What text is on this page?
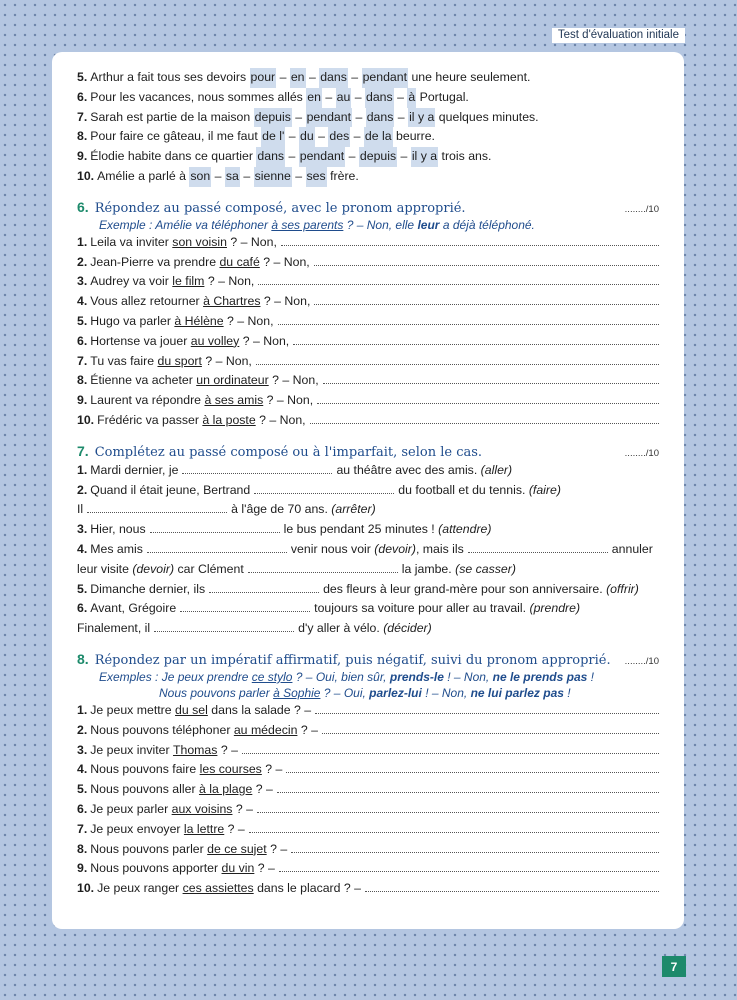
Test d'évaluation initiale
5. Arthur a fait tous ses devoirs
pour – en – dans – pendant
une heure seulement.
6. Pour les vacances, nous sommes allés
en – au – dans – à
Portugal.
7. Sarah est partie de la maison
depuis – pendant – dans – il y a
quelques minutes.
8. Pour faire ce gâteau, il me faut
de l' – du – des – de la
beurre.
9. Élodie habite dans ce quartier
dans – pendant – depuis – il y a
trois ans.
10. Amélie a parlé à
son – sa – sienne – ses
frère.
6. Répondez au passé composé, avec le pronom approprié.	......../10
Exemple : Amélie va téléphoner à ses parents ? – Non, elle leur a déjà téléphoné.
1. Leila va inviter
son voisin
? – Non,
2. Jean-Pierre va prendre
du café
? – Non,
3. Audrey va voir
le film
? – Non,
4. Vous allez retourner
à Chartres
? – Non,
5. Hugo va parler
à Hélène
? – Non,
6. Hortense va jouer
au volley
? – Non,
7. Tu vas faire
du sport
? – Non,
8. Étienne va acheter
un ordinateur
? – Non,
9. Laurent va répondre
à ses amis
? – Non,
10. Frédéric va passer
à la poste
? – Non,
7. Complétez au passé composé ou à l'imparfait, selon le cas.	......../10
1. Mardi dernier, je	au théâtre avec des amis.
(aller)
2. Quand il était jeune, Bertrand	du football et du tennis.
(faire)
Il	à l'âge de 70 ans.
(arrêter)
3. Hier, nous	le bus pendant 25 minutes !
(attendre)
4. Mes amis	venir nous voir
(devoir) , mais ils	annuler
leur visite
(devoir)
car Clément	la jambe.
(se casser)
5. Dimanche dernier, ils	des fleurs à leur grand-mère pour son anniversaire.
(offrir)
6. Avant, Grégoire	toujours sa voiture pour aller au travail.
(prendre)
Finalement, il	d'y aller à vélo.
(décider)
8. Répondez par un impératif affirmatif, puis négatif, suivi du pronom approprié. ......../10
Exemples : Je peux prendre ce stylo ? – Oui, bien sûr, prends-le ! – Non, ne le prends pas !
Nous pouvons parler à Sophie ? – Oui, parlez-lui ! – Non, ne lui parlez pas !
1. Je peux mettre
du sel
dans la salade ? –
2. Nous pouvons téléphoner
au médecin
? –
3. Je peux inviter
Thomas
? –
4. Nous pouvons faire
les courses
? –
5. Nous pouvons aller
à la plage
? –
6. Je peux parler
aux voisins
? –
7. Je peux envoyer
la lettre
? –
8. Nous pouvons parler
de ce sujet
? –
9. Nous pouvons apporter
du vin
? –
10. Je peux ranger
ces assiettes
dans le placard ? –
7
